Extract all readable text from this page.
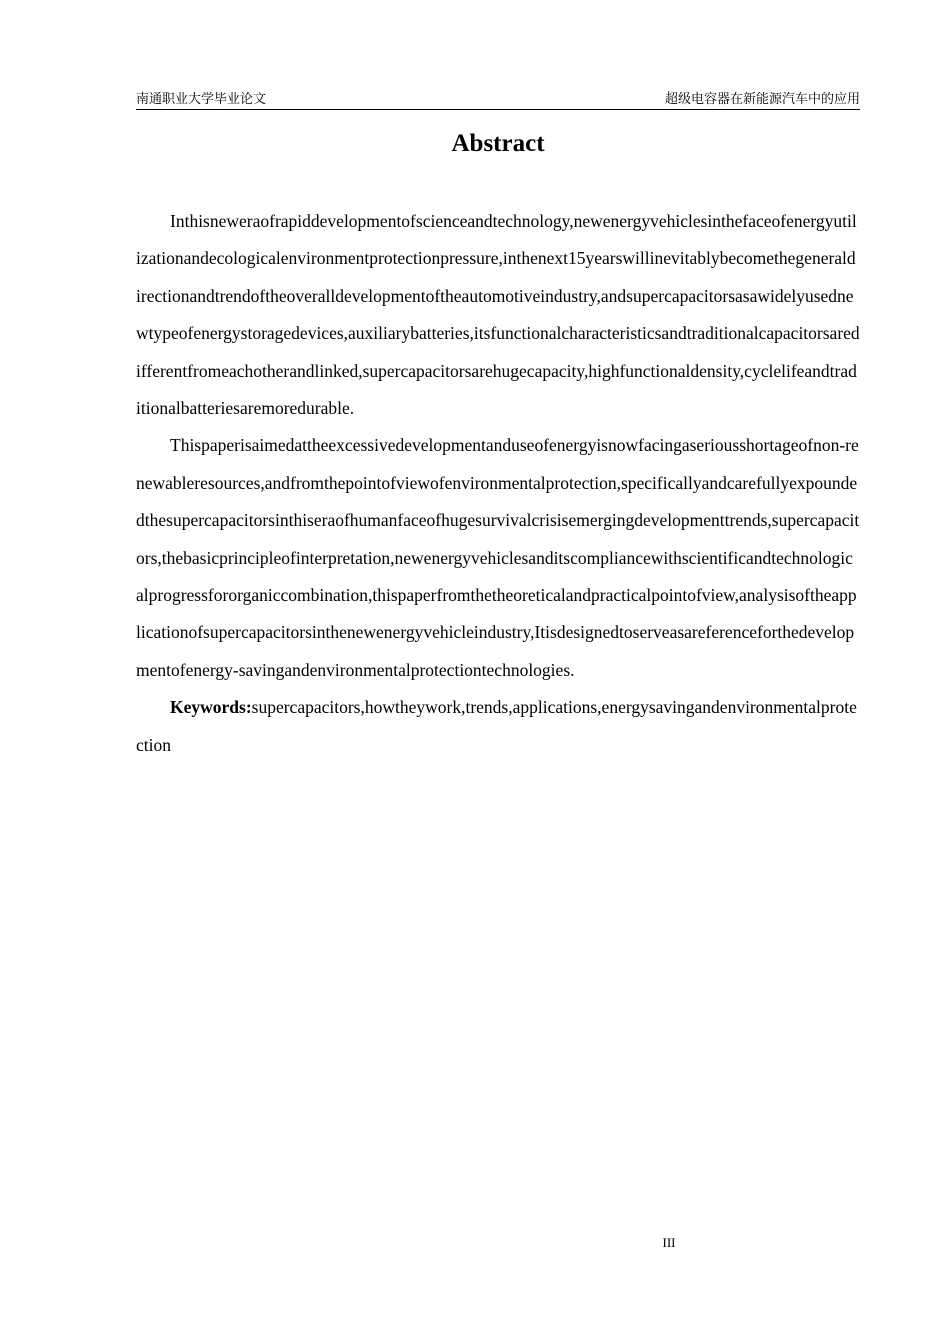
南通职业大学毕业论文	超级电容器在新能源汽车中的应用
Abstract

Inthisneweraofrapiddevelopmentofscienceandtechnology,newenergyvehiclesinthefaceofenergyutilizationandecologicalenvironmentprotectionpressure,inthenext15yearswillinevitablybecomethegeneraldirectionandtrendoftheoveralldevelopmentoftheautomotiveindustry,andsupercapacitorsasawidelyusednewtypeofenergystoragedevices,auxiliarybatteries,itsfunctionalcharacteristicsandtraditionalcapacitorsaredifferentfromeachotherandlinked,supercapacitorsarehugecapacity,highfunctionaldensity,cyclelifeandtraditionalbatteriesaremoredurable.

Thispaperisaimedattheexcessivedevelopmentanduseofenergyisnowfacingaseriousshortageofnon-renewableresources,andfromthepointofviewofenvironmentalprotection,specificallyandcarefullyexpoundedthesupercapacitorsinthiseraofhumanfaceofhugesurvivalcrisisemergingdevelopmenttrends,supercapacitors,thebasicprincipleofinterpretation,newenergyvehiclesanditscompliancewithscientificandtechnologicalprogressfororganiccombination,thispaperfromthetheoreticalandpracticalpointofview,analysisoftheapplicationofsupercapacitorsinthenewenergyvehicleindustry,Itisdesignedtoserveasareferenceforthedevelopmentofenergy-savingandenvironmentalprotectiontechnologies.

Keywords:supercapacitors,howtheywork,trends,applications,energysavingandenvironmentalprotection

III
